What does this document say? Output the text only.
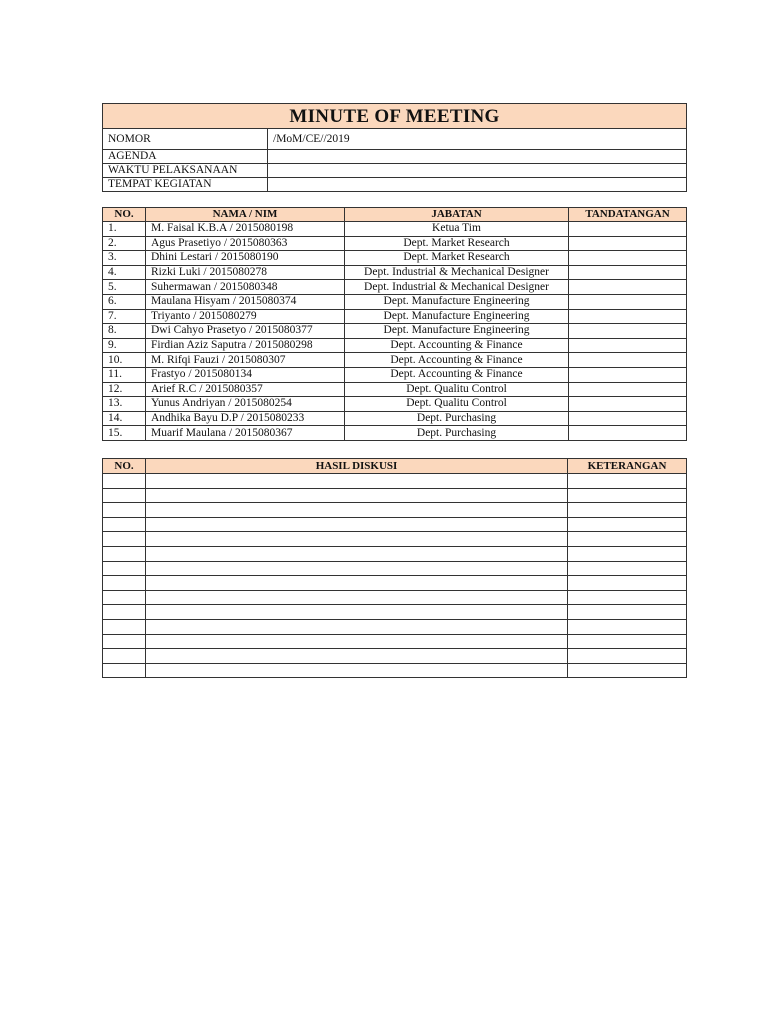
MINUTE OF MEETING	
NOMOR	/MoM/CE//2019
AGENDA	
WAKTU PELAKSANAAN	
TEMPAT KEGIATAN	
NO.	NAMA / NIM	JABATAN	TANDATANGAN
1.	M. Faisal K.B.A / 2015080198	Ketua Tim	
2.	Agus Prasetiyo / 2015080363	Dept. Market Research	
3.	Dhini Lestari / 2015080190	Dept. Market Research	
4.	Rizki Luki / 2015080278	Dept. Industrial & Mechanical Designer	
5.	Suhermawan / 2015080348	Dept. Industrial & Mechanical Designer	
6.	Maulana Hisyam / 2015080374	Dept. Manufacture Engineering	
7.	Triyanto / 2015080279	Dept. Manufacture Engineering	
8.	Dwi Cahyo Prasetyo / 2015080377	Dept. Manufacture Engineering	
9.	Firdian Aziz Saputra / 2015080298	Dept. Accounting & Finance	
10.	M. Rifqi Fauzi / 2015080307	Dept. Accounting & Finance	
11.	Frastyo / 2015080134	Dept. Accounting & Finance	
12.	Arief R.C / 2015080357	Dept. Qualitu Control	
13.	Yunus Andriyan / 2015080254	Dept. Qualitu Control	
14.	Andhika Bayu D.P / 2015080233	Dept. Purchasing	
15.	Muarif Maulana / 2015080367	Dept. Purchasing	
NO.	HASIL DISKUSI	KETERANGAN
